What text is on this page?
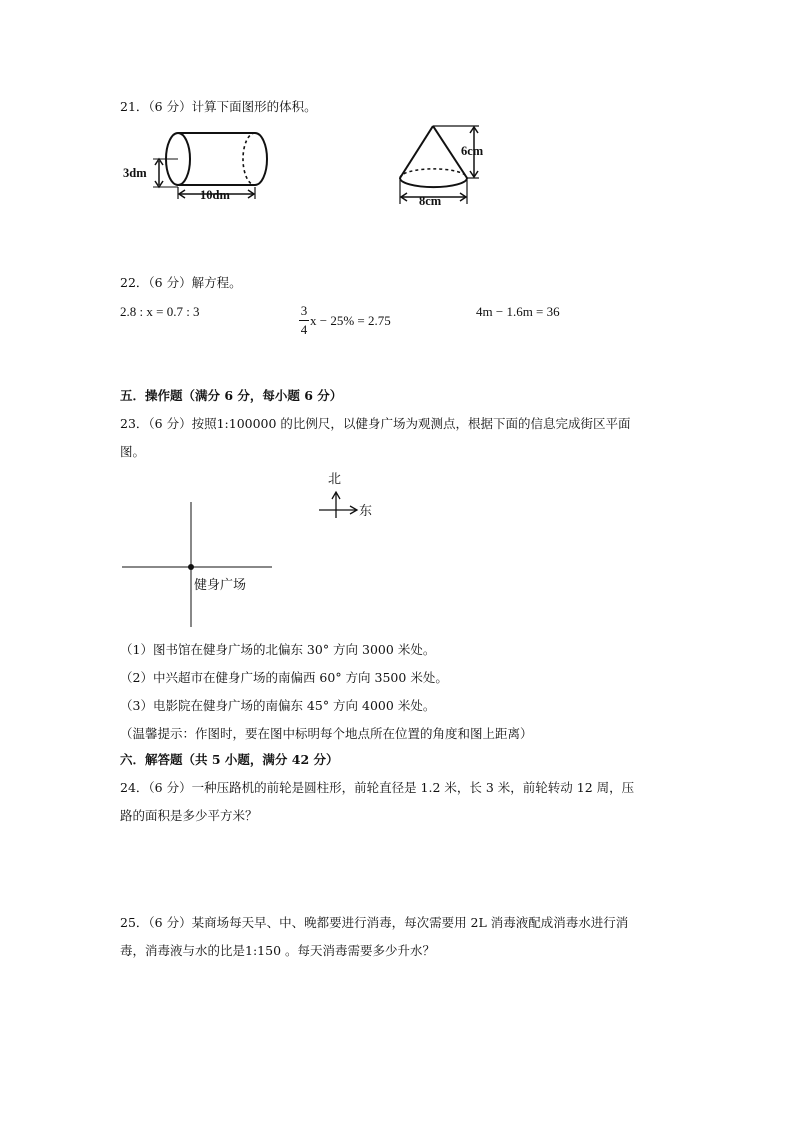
21．（6 分）计算下面图形的体积。
3dm
10dm
6cm
8cm
22．（6 分）解方程。
2.8 : x = 0.7 : 3	3
4
x − 25% = 2.75
4m − 1.6m = 36
五．操作题（满分 6 分，每小题 6 分）
23．（6 分）按照1:100000 的比例尺，以健身广场为观测点，根据下面的信息完成街区平面
图。
北
东
健身广场
（1）图书馆在健身广场的北偏东 30° 方向 3000 米处。
（2）中兴超市在健身广场的南偏西 60° 方向 3500 米处。
（3）电影院在健身广场的南偏东 45° 方向 4000 米处。
（温馨提示：作图时，要在图中标明每个地点所在位置的角度和图上距离）
六．解答题（共 5 小题，满分 42 分）
24．（6 分）一种压路机的前轮是圆柱形，前轮直径是 1.2 米，长 3 米，前轮转动 12 周，压
路的面积是多少平方米？
25．（6 分）某商场每天早、中、晚都要进行消毒，每次需要用 2L 消毒液配成消毒水进行消
毒，消毒液与水的比是1:150 。每天消毒需要多少升水？
